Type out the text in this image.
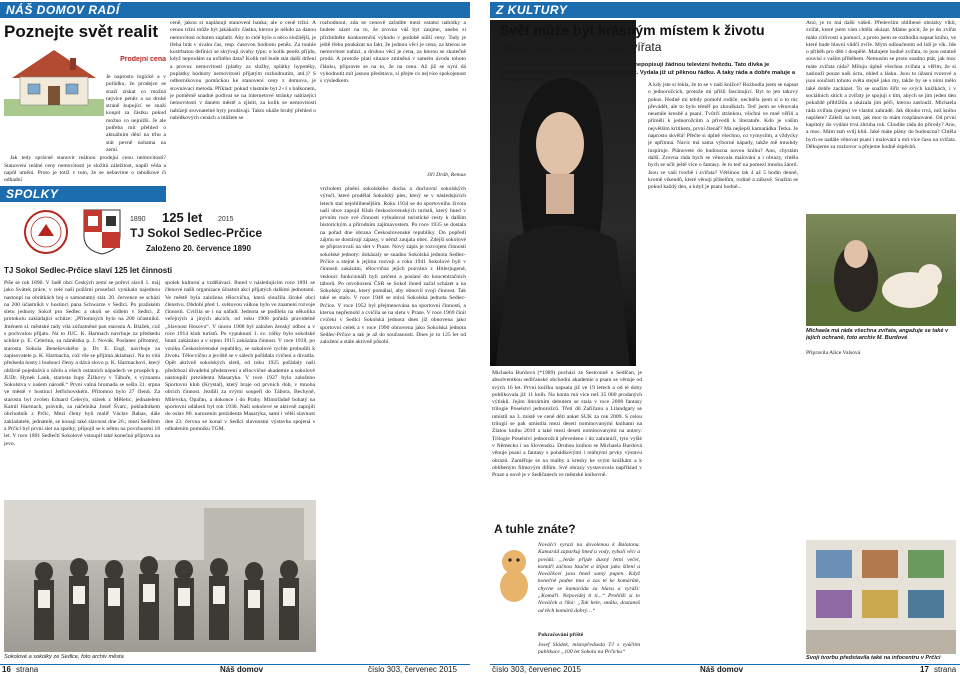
NÁŠ DOMOV RADÍ
Poznejte svět realit
Prodejní cena

Je naprosto logické a v pořádku, že prodejce se snaží získat co možná nejvíce peněz a na druhé straně kupující se snaží koupit za částku pokud možno co nejnižší. Je ale potřeba mít přehled o aktuálním dění na trhu a stát pevně nohama na zemi.

Jak tedy správně stanovit reálnou prodejní cenu nemovitosti? Stanovení reálné ceny nemovitosti je složitá záležitost, napůl věda a napůl umění. Proto je totiž v tom, že se nebavíme o tabulkové či odhadní

ceně, jakou si naplánuji stanovení banka, ale o ceně tržní. A cenou tržní může být jakákoliv částka, kterou je někdo za danou nemovitost ochoten zaplatit. Aby to celé bylo o něco složitější, je třeba brát v úvahu čas, resp. časovou hodnotu peněz. Za touhle kostrbatou definicí se skrývají úvahy typu: o kolik peněz přijdu, když neprodám za určitého data? Kolik mě bude stát další držení a provoz nemovitosti (platby za služby, splátky hypotéky, poplatky hodnoty nemovitosti přijatým rozhodnutím, atd.)? S odborníkovou pomůckou ke stanovení ceny z domova, je srovnávací metoda. Příklad: pokud vlastníte byt 2+1 s balkonem, je poměrně snadné podívat se na internetové stránky nabízející nemovitosti v daném městě a zjistit, za kolik se nemovitosti nabízejí srovnatelné byty prodávají. Takto ukáže hrubý přehled o nabídkových cenách a můžete se
rozhodnout, zda se cenově zařadíte mezi ostatní nabídky a budete sázet na to, že zrovna váš byt zaujme, anebo si přizbídněte konkurenční výhodu v podobě nižší ceny. Tady je ještě třeba poukázat na fakt, že jednou věcí je cena, za kterou se nemovitost nabízí, a druhou věcí je cena, za kterou se skutečně prodá. A protože platí situace zmíněná v samém úvodu tohoto článku, připravte se na to, že na cenu. Až již se nyní dá vyhodnotit mít jasnou představu, si přejte co nejvíce spokojenost s výsledkem.
Jiří Dráb, Remax
SPOLKY
1890 125 let 2015
TJ Sokol Sedlec-Prčice
Založeno 20. července 1890
TJ Sokol Sedlec-Prčice slaví 125 let činnosti
Píše se rok 1890. V řadě obcí Českých zemí se pořeví slavil 1. máj jako Svátek práce, v celé naší požární prosefaci vynikalo najednou nastoupí na obrátkách boj o samostatný stát. 20. července se schází na 200 účastníků v hostinci pana Schwarze v Sedlci. Po pražském sletu jednoty Sokol pro Sedlec a okolí se sídlem v Sedlci. Z protokolu zakládající schůze: „Přítomných bylo na 200 účastníků. Jménem sl. městské rady vítá zúčastněné pan starosta A. Blažek, což s pochvalou přijato. Na to JUC. K. Harmach navrhuje za předsedu schůze p. E. Celerina, za náměstka p. J. Novák. Poslanec přítomný, starosta Sokola Benešovského p. Dr. E. Engl, navrhuje za zapisovatele p. K. Harmacha, což vše se přijímá aklamací. Na to vítá předseda hosty i budoucí členy a dává slovo p. K. Harmachovi, který obšírně pojednává o účelu a všech ostatních nápadech ve prospěch p. JUDr. Hynek Lank, starosta župy Žižkovy v Táboře, s významu Sokolstva v našem národě.“ První valná hromada se sešla 31. srpna ve městě v hostinci Jetřichovském. Přítomno bylo 27 členů. Za starostu byl zvolen Eduard Celerýn, stárek z Měšetic, jednatelem Kamil Harmach, právník, za náčelníka Josef Švarc, pokladníkem obchodník z Prčic, Mezi členy byli malíř Václav Rabas, dále zakladatelé, jednatelé, se konají také slavnost dne 26.; mezi Sedlčem a Prčicí byl první slet na spolky, připojil se k němu na povzbuzení 18 let. V roce 1891 Sedlečtí Sokolové vstoupil také konečná příprava na jevo.
spolek kulturní a vzdělávací. Ihned v následujícím roce 1891 se členové našli organizace účastnit akcí přijatých dalšími jednotami. Ve městě byla založena tělocvična, která sloužila široké obci členstvu. Období před 1. světovou válkou bylo ve znamení rozvoje činnosti. Cvičila se i na nářadí. Jednota se podílela na několika veřejných a jiných akcích, od roku 1908 pořádá pravidelně „Slavnost Hosovu“. V únoru 1908 byl založen ženský odbor a v roce 1914 klub turistů. Po vypuknutí 1. sv. války bylo sokolské hnutí zakázáno a v srpnu 1915 zakázána činnost. V roce 1918, po vzniku Československé republiky, se sokolové rychle probudili k životu. Tělocvičnu a jeviště se v sálech pořádala cvičení a divadla. Opět aktivně sokolských sletů, od roku 1925 pořádaly naši předchozí divadelní představení a tělocvičné akademie a sokolové nastoupili prezidenta Masaryka. V roce 1927 bylo založeno Sportovní klub (Krystal), který hraje od prvních dob, v mnoha obcích činnost. Jezdili za svými soupeři do Tábora, Bechyně, Milevska, Opařan, a dokonce i do Prahy. Mimořádně bohatý na sportovní události byl rok 1930. Naši sokolové se aktivně zapojili do oslav 80. narozenin prezidenta Masaryka, sami i větší slavnost dne 23. června se konal v Sedlci slavnostní výstavba spojená s odhalením pomníku TGM.
vrcholem plnění sokolského ducha a duchovní sokolských výročí, které prodělal Sokolský ples, který se v následujících letech stal nejoblíbenějším. Roku 1934 se do sportovního života naší obce zapojil Klub československých turistů, který hned v prvním roce své činnosti vybudoval turistické cesty k dalším historickým a přírodním zajímavostem. Po roce 1935 se dostala na pořad dne obrana Československé republiky. Do popředí zájmu se dostávají zápasy, v němž zaujala obec. Zdejší sokolové se připravovali na slet v Praze. Nový zápis je rozvojem činnosti sokolské jednoty: dokázaly se snadno Sokolská jednota Sedlec-Prčice a stejné k jejímu rozvoji a roku 1941 Sokolové byli v činnosti zakázáni, tělocvična jejich pozvána z Hitlerjugend, vedoucí funkcionáři byli zatčeni a poslaní do koncentračních táborů. Po osvobození ČSR se Sokol ihned začal scházet a na Sokolský zápas, který pomáhal, aby obnovil svoji činnost. Tak také se stalo. V roce 1948 se stává Sokolská jednota Sedlec-Prčice. V roce 1952 byl přejmenována na sportovní činnosti, a kterou nepřemohl a cvičila se na sletu v Praze. V roce 1969 činil cvičení v Sedlci Sokolská jednota dnes již obnovena jako sportovní celek a v roce 1990 obnovena jako Sokolská jednota Sedlec-Prčice a tak je až do současnosti. Dnes je to 125 let od založení a stále aktivně působí.
Sokolové a sokolky ze Sedlce, foto archiv města
16 strana	Náš domov	číslo 303, červenec 2015
Z KULTURY
Svět může být krásným místem k životu
nejen pro nás, ale i pro zvířata
Je mladá, je úspěšná, je pohledná a je milá… Ne nepopisuji žádnou televizní hvězdu. Tato dívka je spisovatelka, která píše romány pro děti a mládež. Vydala již už pěknou řádku. A taky ráda a dobře maluje a má ráda zvířata.
Michaela Burdová (*1989) pochází ze Sestrouně u Sedlčan, je absolventkou sedlčanské obchodní akademie a psaní se věnuje od svých 16 let. První knížku napsala již ve 19 letech a od té doby publikovala již 11 knih. Na konto má více než 35 000 prodaných výtisků. Jejím literárním debutem se stala v roce 2008 fantasy trilogie Poselství jednorožců. Třetí díl Zaříčanu a Lilandgary se umístil na 3. místě ve ceně děti anket SUK za rok 2009. S celou trilogií se pak umístila mezi deseti nominovanými knihami na Zlatou knihu 2010 a také mezi deseti nominovanými na autory. Trilogie Poselství jednorožců převedeno i do zahraničí, tyto vyšlé v Německu i na Slovensku. Druhou knihou se Michaela Burdová věnuje psaní a fantasy s pohádkovými i reálnými prvky výstavu obrazů. Zaměřuje se na malby a kresby ke svým knížkám a k oblíbeným filmovým dílům. Své obrazy vystavovala například v Praze a nově je v Sedlčanech ve městské knihovně.
A tuhle znáte?
Nováčci vyrazí na dovolenou k Balatonu. Kamarád zaparkuj hned u vody, vybalí věci a povídá: „Jenže přijde dusný letní večer, komáři začnou bzučet a štípat jako šílení a Nováčkovi jsou hned samý pupen. Když konečně padne tma a zas té ke komárům, chycne se kamaráda za hlavu a vyráží: „Komáři. Nepovídej ti ti...“ Prohlíží si to Nováček a říká: „Tak hele, smůla, dostaneš od těch komárů dobrý…“
Pokračování příště
Josef Sládek, místopředseda TJ s vyúčtím publikace „100 let Sokola na Prčicku“
A kdy jste si řekla, že to se v naší knížce? Rozhodla jsem se napsat o jednorožcích, protože mi přišli fascinující. Byl to jen takový pokus. Hodně mi tehdy pomohl rodiče, nechtěla jsem si o to nic převádět, ale to bylo téměř po zkouškách. Teď jsem se věnovala neustále kresbě a psaní. Tvůrčí stránkou, všichni ve mně věřili a přiměli k jednorožcům a přivedli k literatuře. Kdo je vaším největším kritikem, první čtenář? Má nejlepší kamarádka Terka. Je naprosto skvělá! Přečte si úplně všechno, co vymyslím, a vždycky je upřímná. Navíc má sama výborné nápady, takže mě mnohdy inspiruje. Plánovete do budoucna novou knihu? Ano, chystám další. Zrovna ráda bych se věnovala malování a i obrazy, chtěla bych se učit ještě více o fantasy. Je to teď na pomezí mnoha žánrů. Jsou ve vaší tvorbě i zvířata? Většinou tak 4 až 5 hodin denně, kromě víkendů, které věnuji přátelům, rodině a zábavě. Snažím se pokud každý den, a když je psaní hodně...
Ano, je to má další vášeň. Především oblíbené obrázky vlků, zvířat, které jsem vám chtěla ukázat. Máme pocit, že je do zvířat málo citlivosti a pomoci, a proto jsem se rozhodla napsat knihu, ve které bude hlavní vůdčí zvíře. Mým odloučením od lidí je vlk. Jde o příběh pro děti i dospělé. Malujete hodně zvířata, to jsou ostatně souvisí s vaším příběhem. Nemusím se proto snadno ptát, jak moc máte zvířata ráda? Miluju úplně všechna zvířata a věřím, že si zaslouží pouze naši úctu, ohled a lásku. Jsou to úžasní tvorové a jsou součástí tohoto světa stejně jako my, takže by se s nimi mělo také dobře zacházet. To se snažím šířit ve svých knížkách, i v sociálních sítích a zvířaty je spojuji s tím, abych se jim jeden den pokaždé přiblížila a ukázala jim péči, kterou zaslouží. Michaela ráda zvířata (nejen) ve vlastní zahradě. Jak dlouho trvá, než knihu napíšete? Záleží na tom, jak moc to mám rozplánované. Od první kapitoly do vydání trvá zhruba rok. Chodíte ráda do přírody? Ano, a moc. Mám tam svůj klid. Jaké máte plány do budoucna? Chtěla bych se nadále věnovat psaní i malování a mít více času na zvířata. Děkujeme za rozhovor a přejeme hodně úspěchů.
Michaela má ráda všechna zvířata, angažuje se také v jejich ochraně, foto archiv M. Burdové
Připravila Alice Valsová
Svoji tvorbu představila také na infocentru v Prčici
číslo 303, červenec 2015	Náš domov	17 strana
